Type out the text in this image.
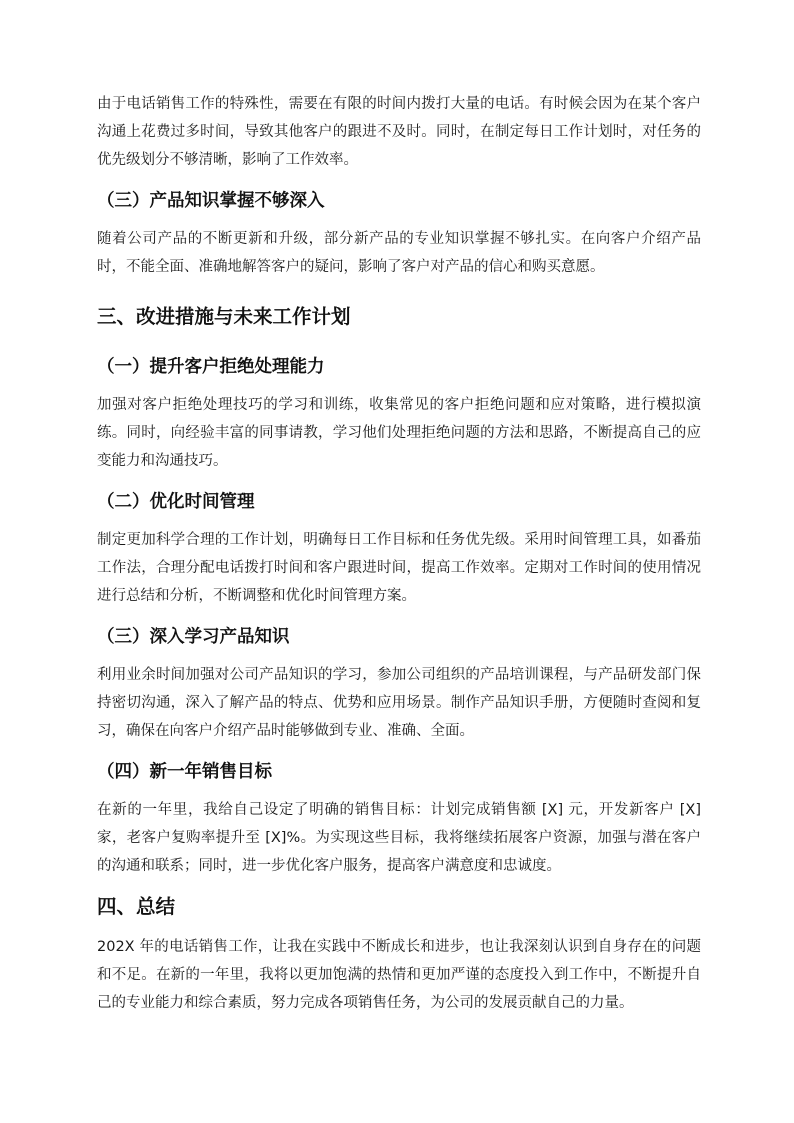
由于电话销售工作的特殊性，需要在有限的时间内拨打大量的电话。有时候会因为在某个客户沟通上花费过多时间，导致其他客户的跟进不及时。同时，在制定每日工作计划时，对任务的优先级划分不够清晰，影响了工作效率。

（三）产品知识掌握不够深入

随着公司产品的不断更新和升级，部分新产品的专业知识掌握不够扎实。在向客户介绍产品时，不能全面、准确地解答客户的疑问，影响了客户对产品的信心和购买意愿。

三、改进措施与未来工作计划
（一）提升客户拒绝处理能力

加强对客户拒绝处理技巧的学习和训练，收集常见的客户拒绝问题和应对策略，进行模拟演练。同时，向经验丰富的同事请教，学习他们处理拒绝问题的方法和思路，不断提高自己的应变能力和沟通技巧。

（二）优化时间管理

制定更加科学合理的工作计划，明确每日工作目标和任务优先级。采用时间管理工具，如番茄工作法，合理分配电话拨打时间和客户跟进时间，提高工作效率。定期对工作时间的使用情况进行总结和分析，不断调整和优化时间管理方案。

（三）深入学习产品知识

利用业余时间加强对公司产品知识的学习，参加公司组织的产品培训课程，与产品研发部门保持密切沟通，深入了解产品的特点、优势和应用场景。制作产品知识手册，方便随时查阅和复习，确保在向客户介绍产品时能够做到专业、准确、全面。

（四）新一年销售目标

在新的一年里，我给自己设定了明确的销售目标：计划完成销售额 [X] 元，开发新客户 [X] 家，老客户复购率提升至 [X]%。为实现这些目标，我将继续拓展客户资源，加强与潜在客户的沟通和联系；同时，进一步优化客户服务，提高客户满意度和忠诚度。

四、总结

202X 年的电话销售工作，让我在实践中不断成长和进步，也让我深刻认识到自身存在的问题和不足。在新的一年里，我将以更加饱满的热情和更加严谨的态度投入到工作中，不断提升自己的专业能力和综合素质，努力完成各项销售任务，为公司的发展贡献自己的力量。
